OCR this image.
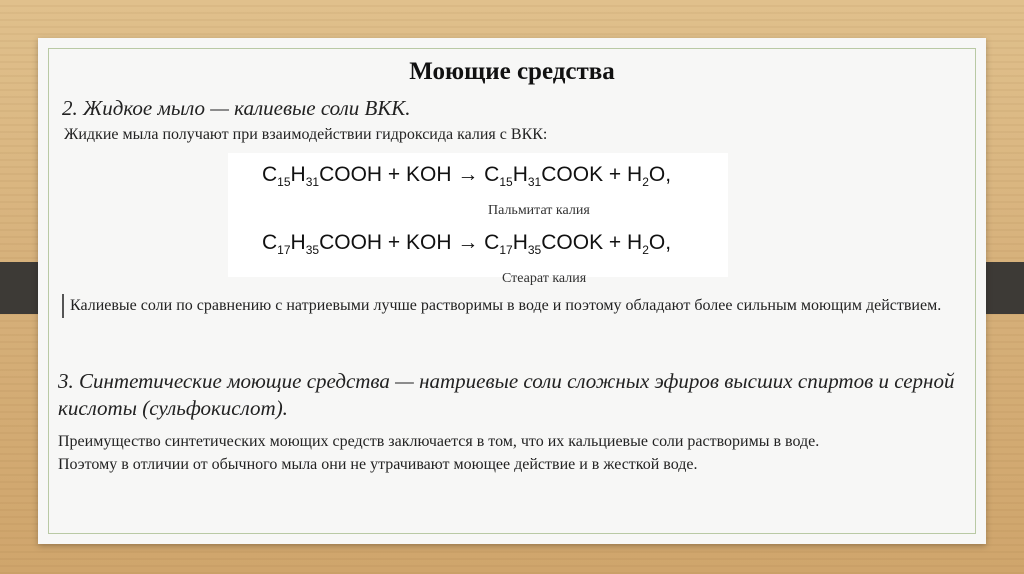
Моющие средства
2. Жидкое мыло — калиевые соли ВКК.
Жидкие мыла получают при взаимодействии гидроксида калия с ВКК:
$C_{15}H_{31}COOH$ + KOH → $C_{15}H_{31}COOK + H_2O$,
Пальмитат калия
$C_{17}H_{35}COOH$ + KOH → $C_{17}H_{35}COOK + H_2O$,
Стеарат калия
Калиевые соли по сравнению с натриевыми лучше растворимы в воде и поэтому обладают более сильным моющим действием.
3. Синтетические моющие средства — натриевые соли сложных эфиров высших спиртов и серной кислоты (сульфокислот).
Преимущество синтетических моющих средств заключается в том, что их кальциевые соли растворимы в воде.
Поэтому в отличии от обычного мыла они не утрачивают моющее действие и в жесткой воде.
